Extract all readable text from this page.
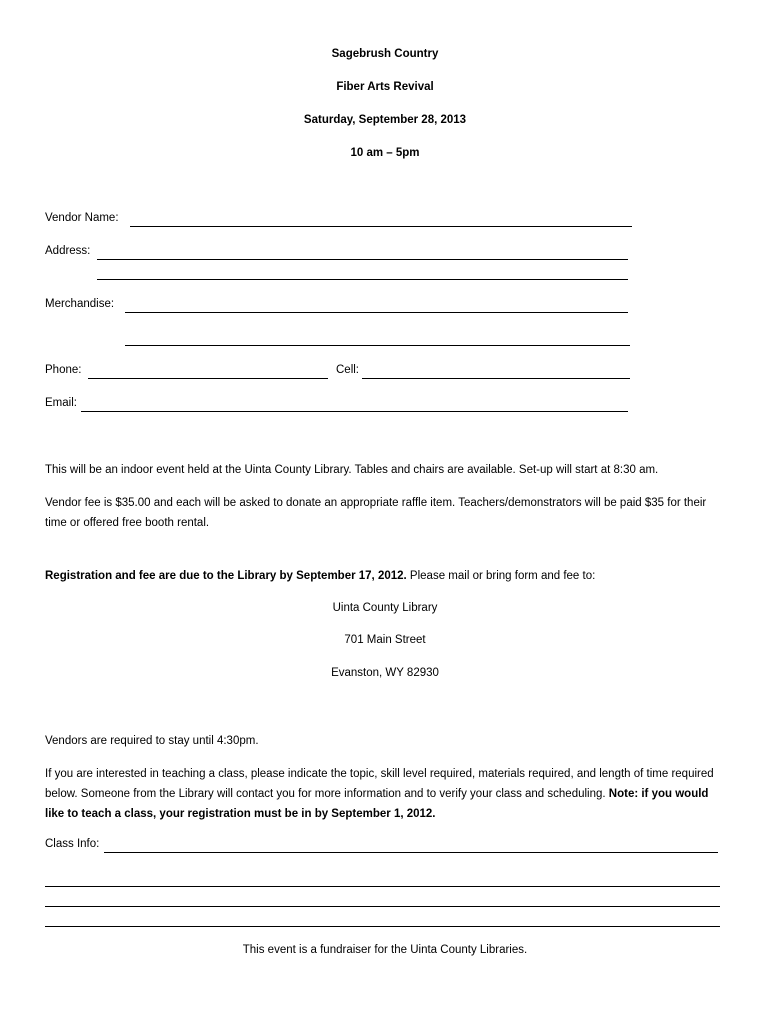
Sagebrush Country
Fiber Arts Revival
Saturday, September 28, 2013
10 am – 5pm
Vendor Name:
Address:
Merchandise:
Phone:	Cell:
Email:
This will be an indoor event held at the Uinta County Library. Tables and chairs are available. Set-up will start at 8:30 am.
Vendor fee is $35.00 and each will be asked to donate an appropriate raffle item. Teachers/demonstrators will be paid $35 for their time or offered free booth rental.
Registration and fee are due to the Library by September 17, 2012. Please mail or bring form and fee to:
Uinta County Library
701 Main Street
Evanston, WY 82930
Vendors are required to stay until 4:30pm.
If you are interested in teaching a class, please indicate the topic, skill level required, materials required, and length of time required below. Someone from the Library will contact you for more information and to verify your class and scheduling. Note: if you would like to teach a class, your registration must be in by September 1, 2012.
Class Info:
This event is a fundraiser for the Uinta County Libraries.
